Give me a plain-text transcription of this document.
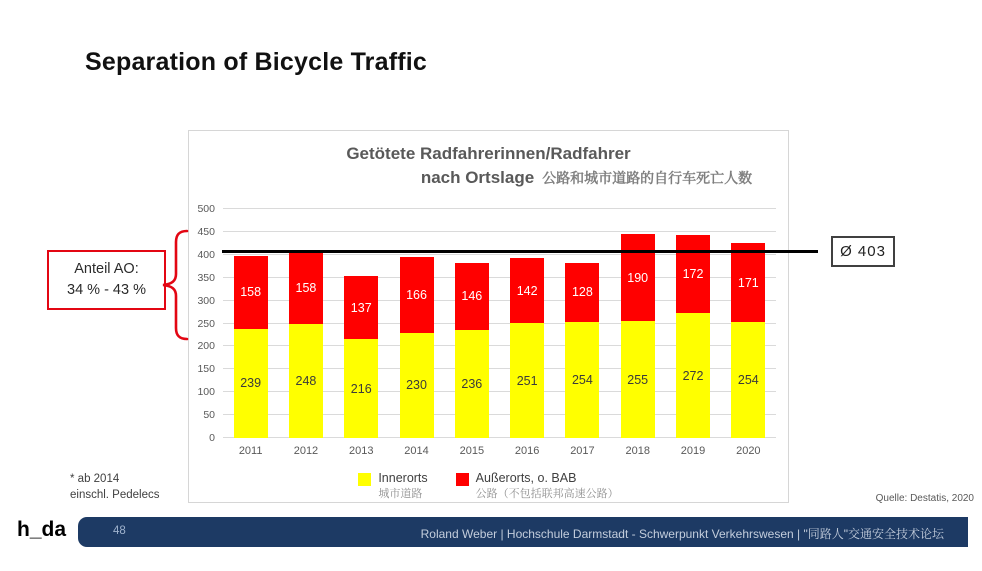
Separation of Bicycle Traffic
Getötete Radfahrerinnen/Radfahrer
nach Ortslage 公路和城市道路的自行车死亡人数
239
158
248
158
216
137
230
166
236
146
251
142
254
128
255
190
272
172
254
171
0
50
100
150
200
250
300
350
400
450
500
2011	2012	2013	2014	2015	2016	2017	2018	2019	2020
Innerorts
城市道路
Außerorts, o. BAB
公路（不包括联邦高速公路）
Ø 403
Anteil AO:
34 % - 43 %
* ab 2014
einschl. Pedelecs	Quelle: Destatis, 2020
h_da	48	Roland Weber | Hochschule Darmstadt - Schwerpunkt Verkehrswesen | "同路人"交通安全技术论坛
